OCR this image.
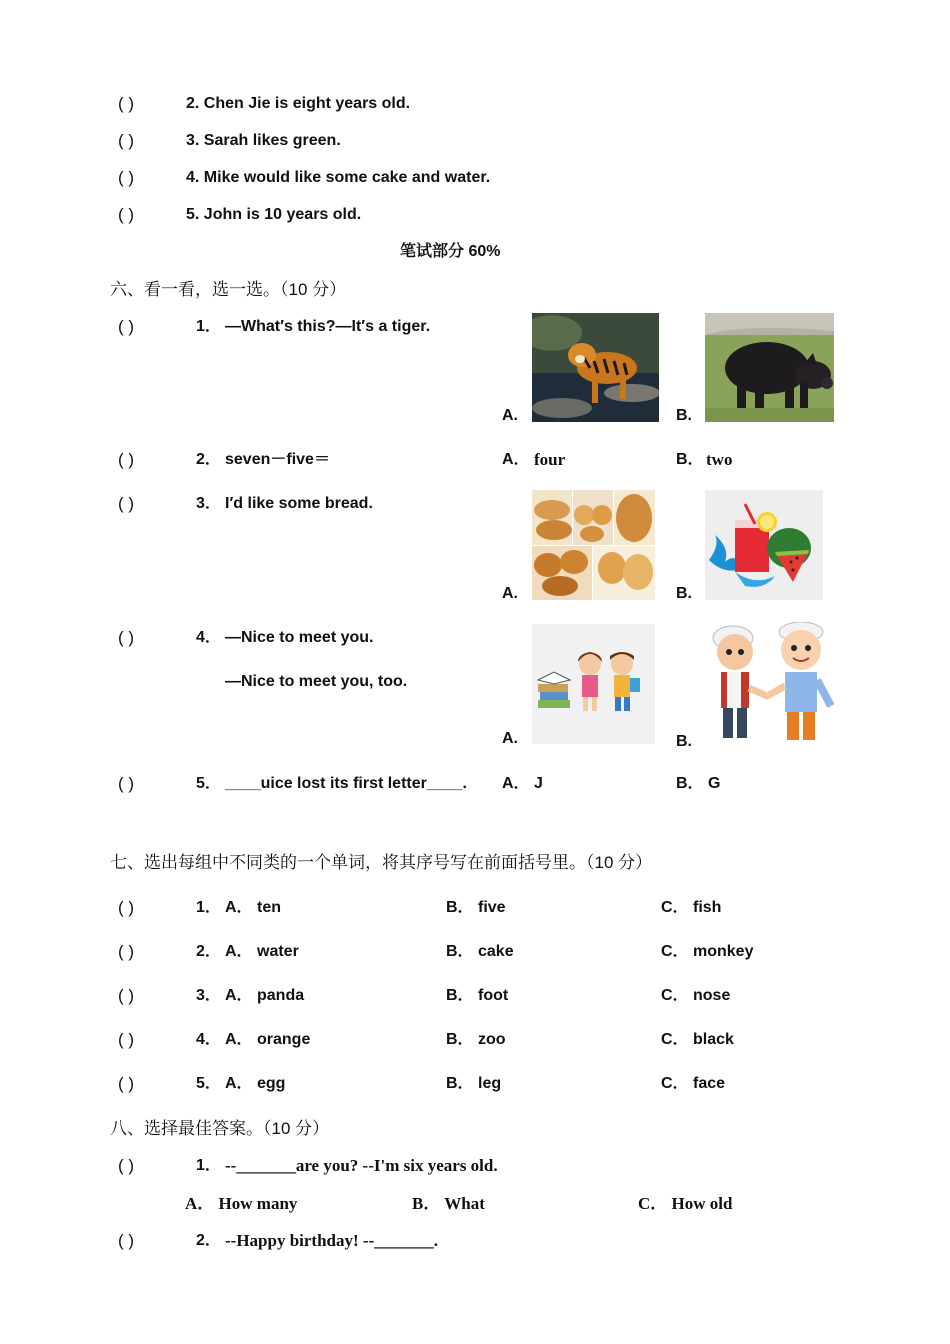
( )	2. Chen Jie is eight years old.
( )	3. Sarah likes green.
( )	4. Mike would like some cake and water.
( )	5. John is 10 years old.
笔试部分 60%
六、看一看，选一选。（10 分）
( )	1． —What′s this?—It′s a tiger.
A.	B.
( )	2． seven－five＝	A． four	B． two
( )	3． I′d like some bread.
A.	B.
( )	4． —Nice to meet you.
—Nice to meet you, too.
A.	B.
( )	5． ____uice lost its first letter____. A． J	B． G
七、选出每组中不同类的一个单词，将其序号写在前面括号里。（10 分）
( )	1． A． ten	B． five	C． fish
( )	2． A． water	B． cake	C． monkey
( )	3． A． panda	B． foot	C． nose
( )	4． A． orange	B． zoo	C． black
( )	5． A． egg	B． leg	C． face
八、选择最佳答案。（10 分）
( )	1． --_______are you? --I'm six years old.
A． How many	B． What	C． How old
( )	2． --Happy birthday! --_______.
